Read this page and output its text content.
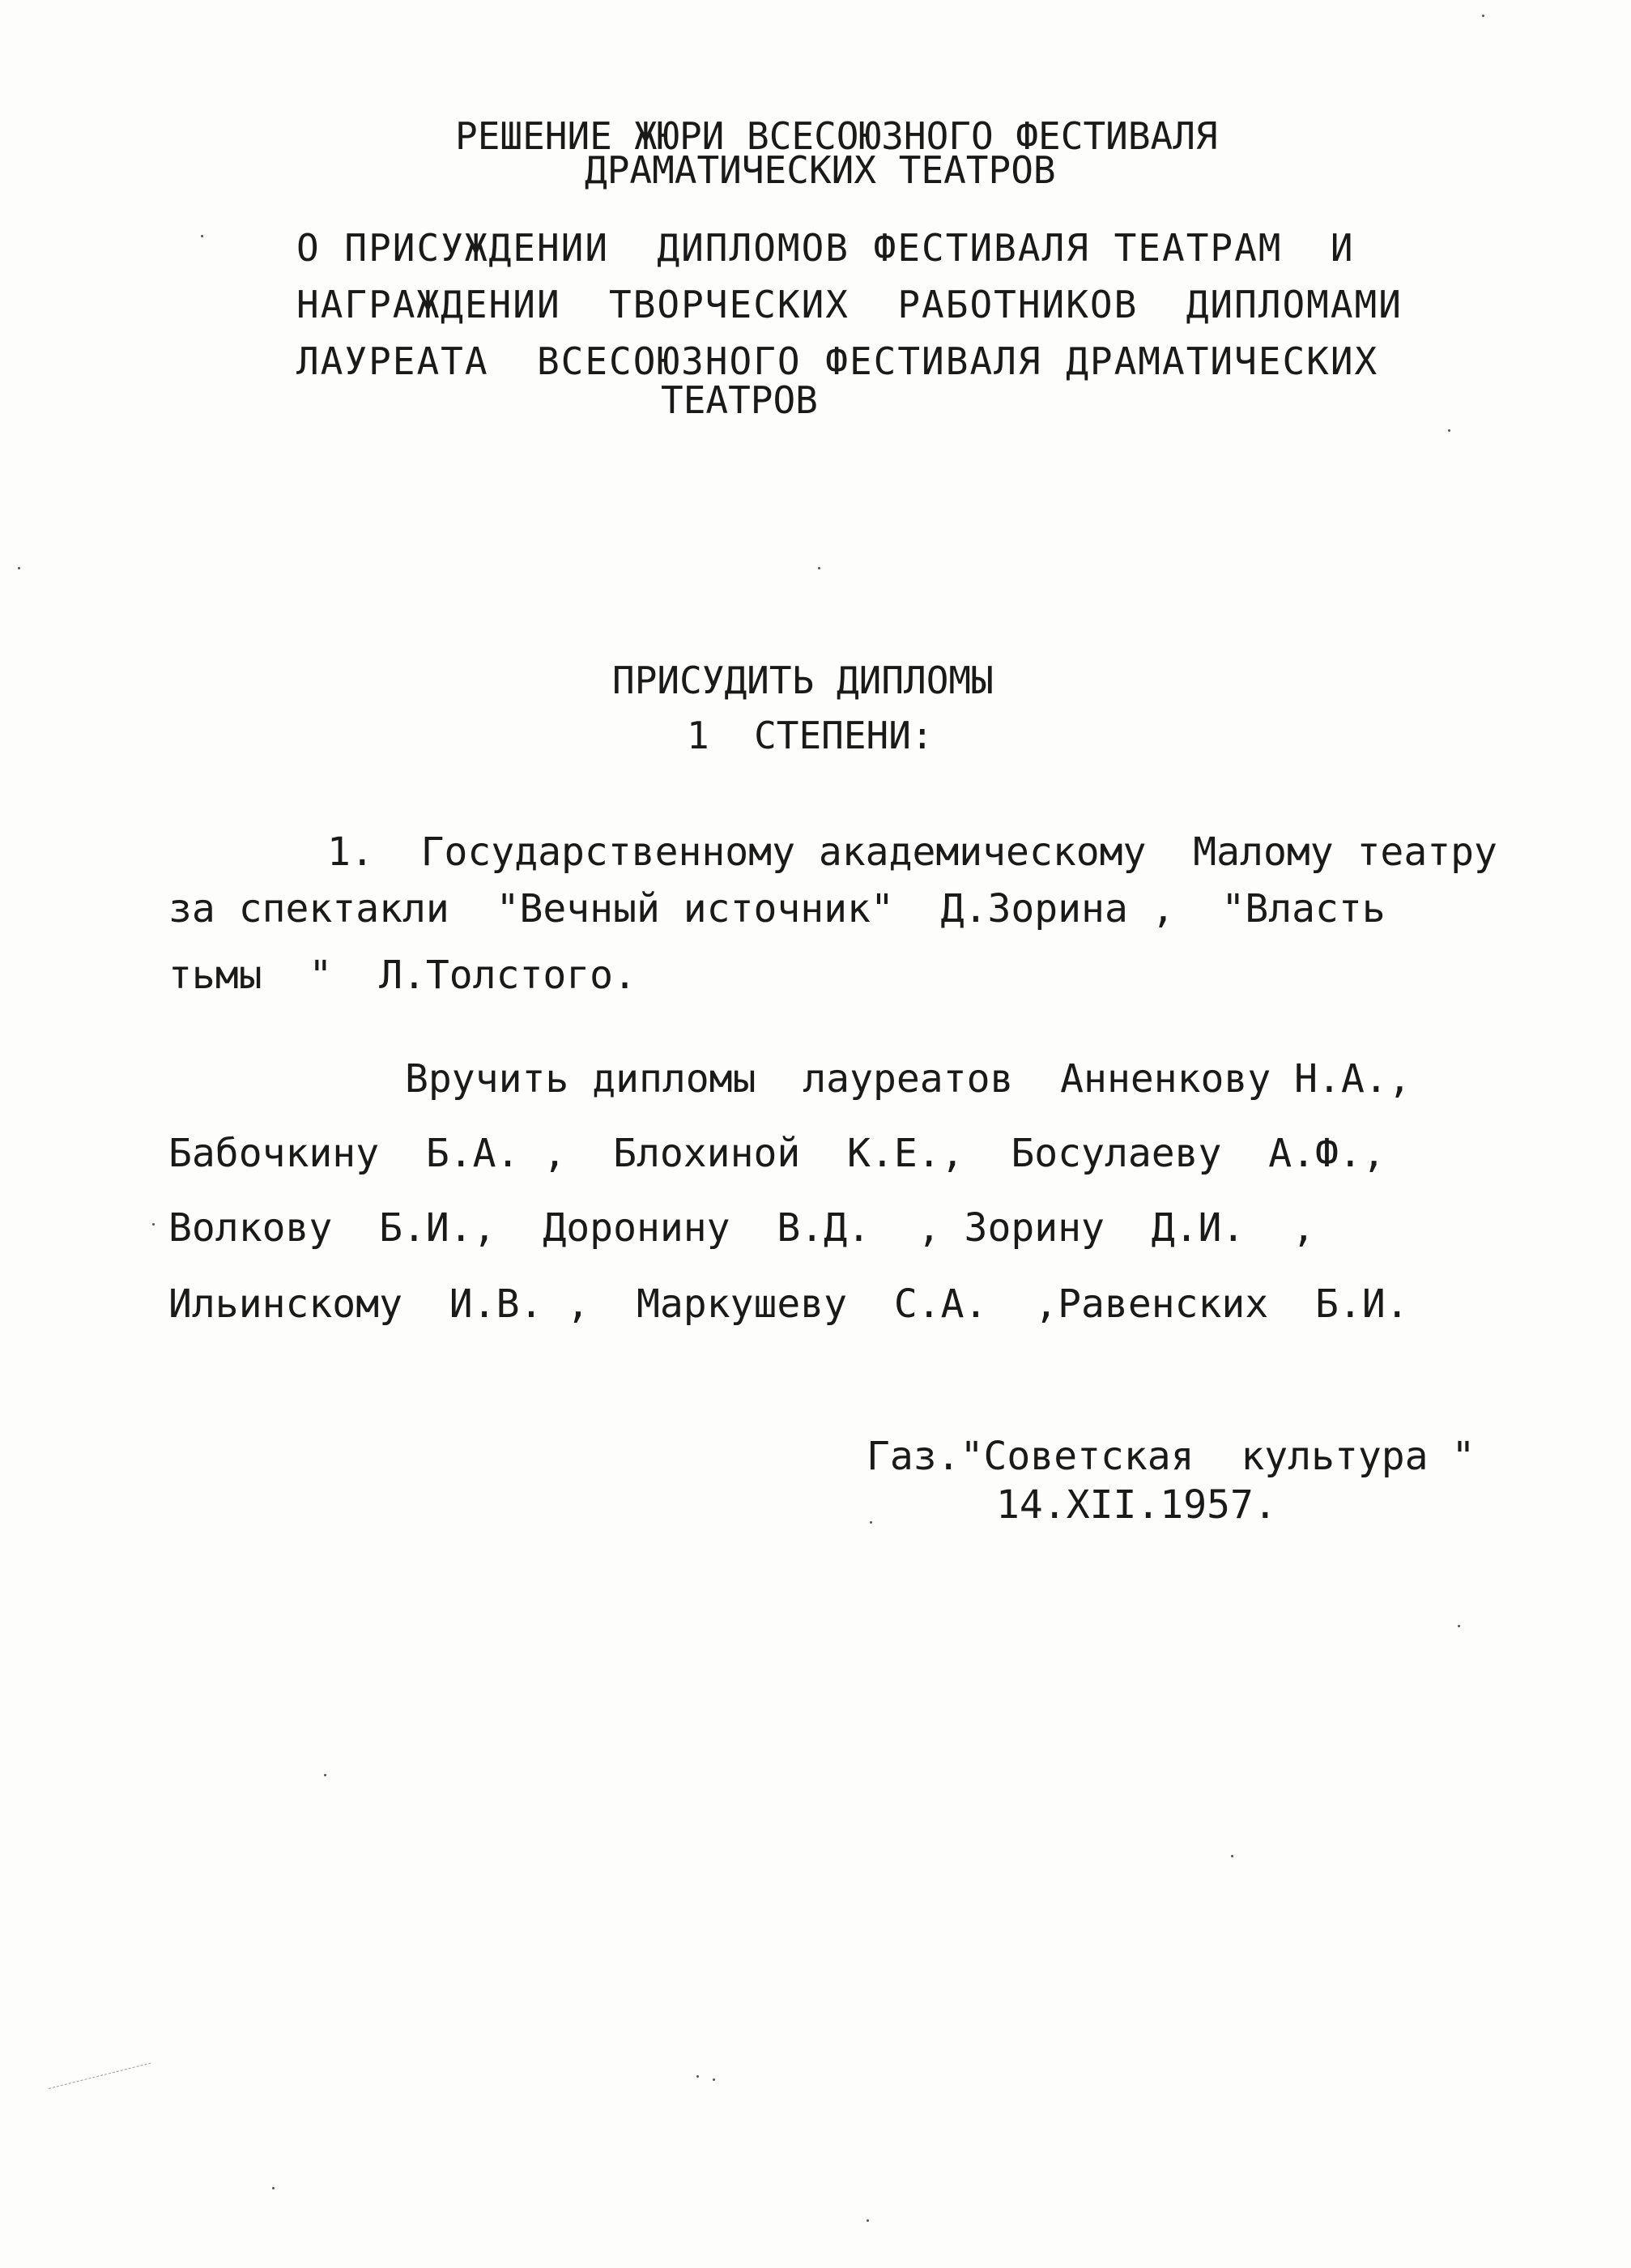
РЕШЕНИЕ ЖЮРИ ВСЕСОЮЗНОГО ФЕСТИВАЛЯ
ДРАМАТИЧЕСКИХ ТЕАТРОВ
О ПРИСУЖДЕНИИ  ДИПЛОМОВ ФЕСТИВАЛЯ ТЕАТРАМ  И
НАГРАЖДЕНИИ  ТВОРЧЕСКИХ  РАБОТНИКОВ  ДИПЛОМАМИ
ЛАУРЕАТА  ВСЕСОЮЗНОГО ФЕСТИВАЛЯ ДРАМАТИЧЕСКИХ
ТЕАТРОВ
ПРИСУДИТЬ ДИПЛОМЫ
1  СТЕПЕНИ:
1.  Государственному академическому  Малому театру
за спектакли  "Вечный источник"  Д.Зорина ,  "Власть
тьмы  "  Л.Толстого.
Вручить дипломы  лауреатов  Анненкову Н.А.,
Бабочкину  Б.А. ,  Блохиной  К.Е.,  Босулаеву  А.Ф.,
Волкову  Б.И.,  Доронину  В.Д.  , Зорину  Д.И.  ,
Ильинскому  И.В. ,  Маркушеву  С.А.  ,Равенских  Б.И.
Газ."Советская  культура "
14.XII.1957.
